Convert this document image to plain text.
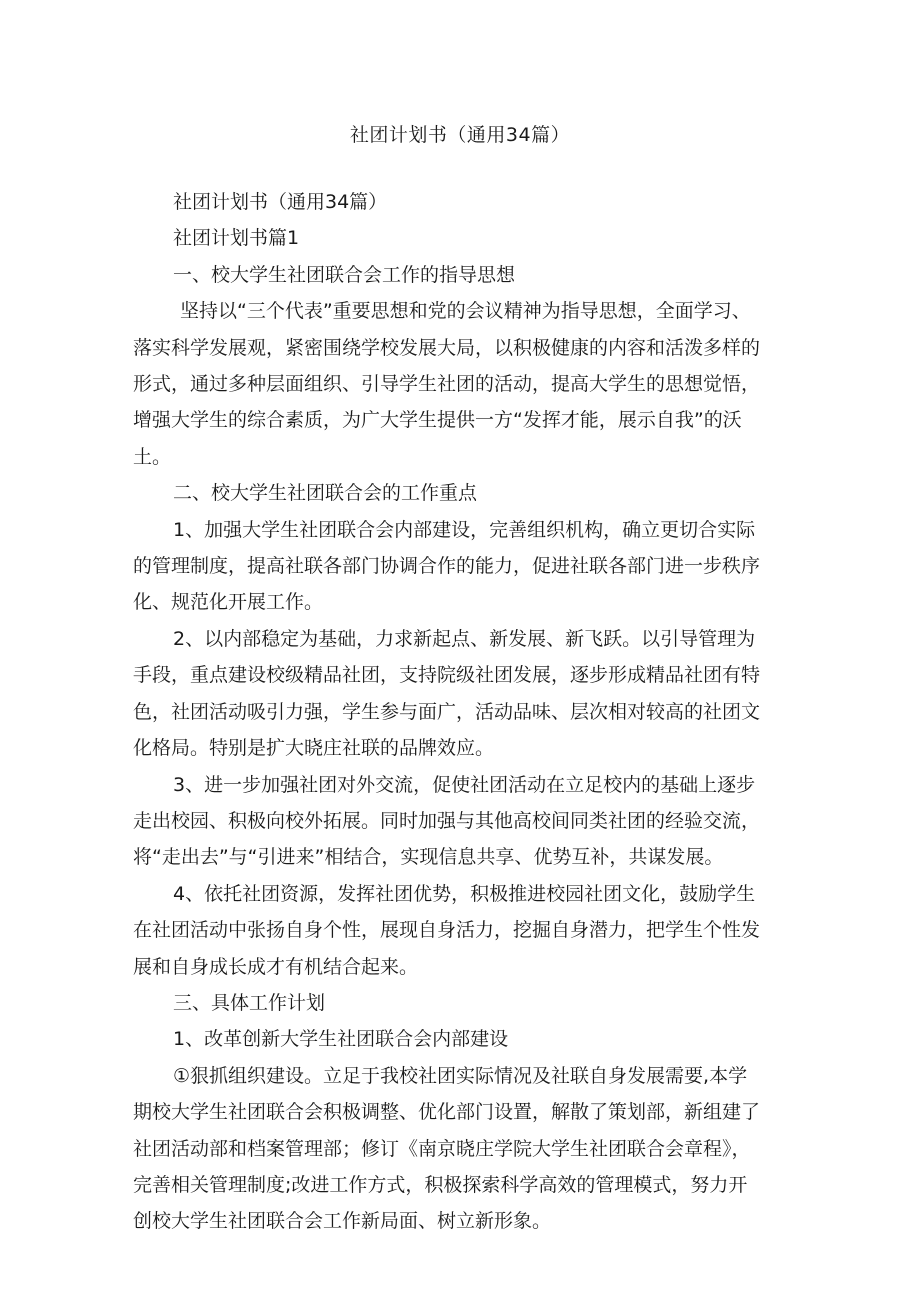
社团计划书（通用34篇）

社团计划书（通用34篇）

社团计划书篇1

一、校大学生社团联合会工作的指导思想

坚持以“三个代表”重要思想和党的会议精神为指导思想，全面学习、

落实科学发展观，紧密围绕学校发展大局，以积极健康的内容和活泼多样的

形式，通过多种层面组织、引导学生社团的活动，提高大学生的思想觉悟，

增强大学生的综合素质，为广大学生提供一方“发挥才能，展示自我”的沃

土。

二、校大学生社团联合会的工作重点

1、加强大学生社团联合会内部建设，完善组织机构，确立更切合实际

的管理制度，提高社联各部门协调合作的能力，促进社联各部门进一步秩序

化、规范化开展工作。

2、以内部稳定为基础，力求新起点、新发展、新飞跃。以引导管理为

手段，重点建设校级精品社团，支持院级社团发展，逐步形成精品社团有特

色，社团活动吸引力强，学生参与面广，活动品味、层次相对较高的社团文

化格局。特别是扩大晓庄社联的品牌效应。

3、进一步加强社团对外交流，促使社团活动在立足校内的基础上逐步

走出校园、积极向校外拓展。同时加强与其他高校间同类社团的经验交流，

将“走出去”与“引进来”相结合，实现信息共享、优势互补，共谋发展。

4、依托社团资源，发挥社团优势，积极推进校园社团文化，鼓励学生

在社团活动中张扬自身个性，展现自身活力，挖掘自身潜力，把学生个性发

展和自身成长成才有机结合起来。

三、具体工作计划

1、改革创新大学生社团联合会内部建设

①狠抓组织建设。立足于我校社团实际情况及社联自身发展需要,本学

期校大学生社团联合会积极调整、优化部门设置，解散了策划部，新组建了

社团活动部和档案管理部；修订《南京晓庄学院大学生社团联合会章程》，

完善相关管理制度;改进工作方式，积极探索科学高效的管理模式，努力开

创校大学生社团联合会工作新局面、树立新形象。
